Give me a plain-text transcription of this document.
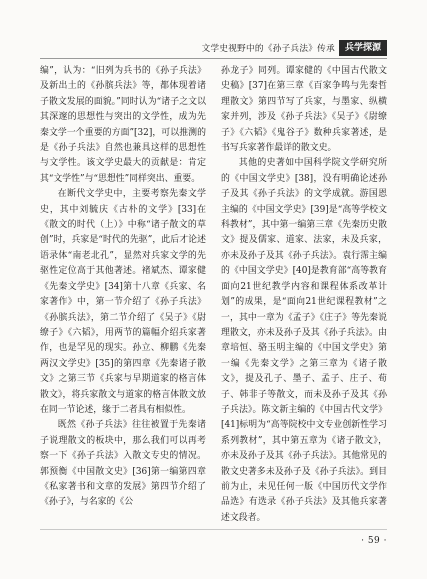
文学史视野中的《孙子兵法》传承	兵学探源

编”，认为：“旧列为兵书的《孙子兵法》及新出土的《孙膑兵法》等，都体现着诸子散文发展的面貌。”同时认为“诸子之文以其深邃的思想性与突出的文学性，成为先秦文学一个重要的方面”[32]，可以推测的是《孙子兵法》自然也兼具这样的思想性与文学性。该文学史最大的贡献是：肯定其“文学性”与“思想性”同样突出、重要。

在断代文学史中，主要考察先秦文学史，其中刘毓庆《古朴的文学》[33]在《散文的时代（上）》中称“诸子散文的草创”时，兵家是“时代的先驱”，此后才论述语录体“南老北孔”，显然对兵家文学的先驱性定位高于其他著述。褚斌杰、谭家健《先秦文学史》[34]第十八章《兵家、名家著作》中，第一节介绍了《孙子兵法》《孙膑兵法》，第二节介绍了《吴子》《尉缭子》《六韬》，用两节的篇幅介绍兵家著作，也是罕见的现实。孙立、柳鹏《先秦两汉文学史》[35]的第四章《先秦诸子散文》之第三节《兵家与早期道家的格言体散文》，将兵家散文与道家的格言体散文放在同一节论述，缘于二者具有相似性。

既然《孙子兵法》往往被置于先秦诸子说理散文的板块中，那么我们可以再考察一下《孙子兵法》入散文专史的情况。郭预衡《中国散文史》[36]第一编第四章《私家著书和文章的发展》第四节介绍了《孙子》，与名家的《公

孙龙子》同列。谭家健的《中国古代散文史稿》[37]在第三章《百家争鸣与先秦哲理散文》第四节写了兵家，与墨家、纵横家并列，涉及《孙子兵法》《吴子》《尉缭子》《六韬》《鬼谷子》数种兵家著述，是书写兵家著作最详的散文史。

其他的史著如中国科学院文学研究所的《中国文学史》[38]，没有明确论述孙子及其《孙子兵法》的文学成就。游国恩主编的《中国文学史》[39]是“高等学校文科教材”，其中第一编第三章《先秦历史散文》提及儒家、道家、法家，未及兵家，亦未及孙子及其《孙子兵法》。袁行霈主编的《中国文学史》[40]是教育部“高等教育面向21世纪教学内容和课程体系改革计划”的成果，是“面向21世纪课程教材”之一，其中一章为《孟子》《庄子》等先秦说理散文，亦未及孙子及其《孙子兵法》。由章培恒、骆玉明主编的《中国文学史》第一编《先秦文学》之第三章为《诸子散文》，提及孔子、墨子、孟子、庄子、荀子、韩非子等散文，而未及孙子及其《孙子兵法》。陈文新主编的《中国古代文学》[41]标明为“高等院校中文专业创新性学习系列教材”，其中第五章为《诸子散文》，亦未及孙子及其《孙子兵法》。其他常见的散文史著多未及孙子及《孙子兵法》。到目前为止，未见任何一版《中国历代文学作品选》有选录《孙子兵法》及其他兵家著述文段者。

· 59 ·
